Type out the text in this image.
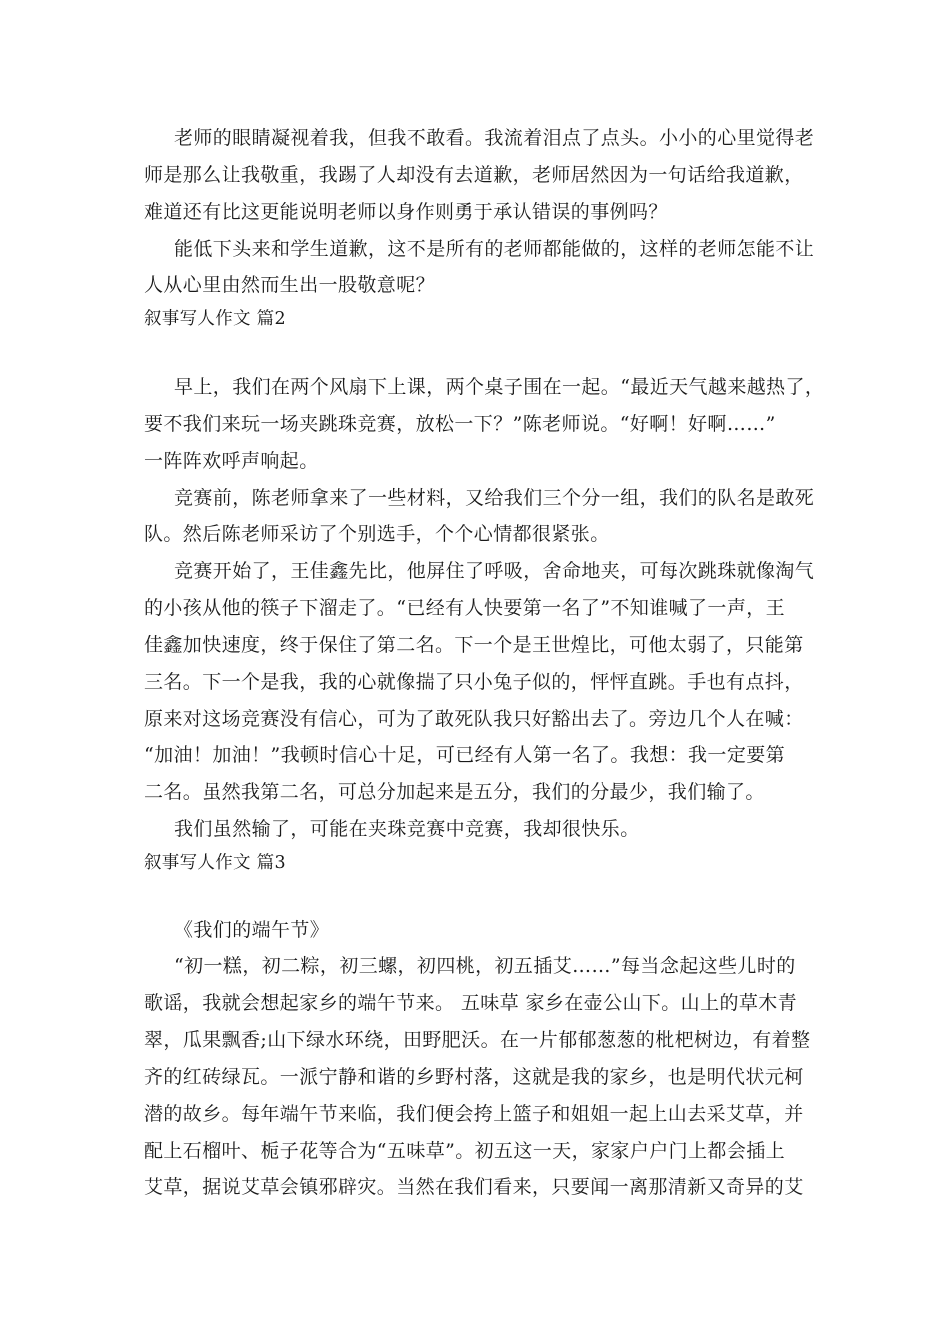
老师的眼睛凝视着我，但我不敢看。我流着泪点了点头。小小的心里觉得老
师是那么让我敬重，我踢了人却没有去道歉，老师居然因为一句话给我道歉，
难道还有比这更能说明老师以身作则勇于承认错误的事例吗？
能低下头来和学生道歉，这不是所有的老师都能做的，这样的老师怎能不让
人从心里由然而生出一股敬意呢？
叙事写人作文 篇2
早上，我们在两个风扇下上课，两个桌子围在一起。“最近天气越来越热了，
要不我们来玩一场夹跳珠竞赛，放松一下？”陈老师说。“好啊！好啊……”
一阵阵欢呼声响起。
竞赛前，陈老师拿来了一些材料，又给我们三个分一组，我们的队名是敢死
队。然后陈老师采访了个别选手，个个心情都很紧张。
竞赛开始了，王佳鑫先比，他屏住了呼吸，舍命地夹，可每次跳珠就像淘气
的小孩从他的筷子下溜走了。“已经有人快要第一名了”不知谁喊了一声，王
佳鑫加快速度，终于保住了第二名。下一个是王世煌比，可他太弱了，只能第
三名。下一个是我，我的心就像揣了只小兔子似的，怦怦直跳。手也有点抖，
原来对这场竞赛没有信心，可为了敢死队我只好豁出去了。旁边几个人在喊：
“加油！加油！”我顿时信心十足，可已经有人第一名了。我想：我一定要第
二名。虽然我第二名，可总分加起来是五分，我们的分最少，我们输了。
我们虽然输了，可能在夹珠竞赛中竞赛，我却很快乐。
叙事写人作文 篇3
《我们的端午节》
“初一糕，初二粽，初三螺，初四桃，初五插艾……”每当念起这些儿时的
歌谣，我就会想起家乡的端午节来。 五味草 家乡在壶公山下。山上的草木青
翠，瓜果飘香;山下绿水环绕，田野肥沃。在一片郁郁葱葱的枇杷树边，有着整
齐的红砖绿瓦。一派宁静和谐的乡野村落，这就是我的家乡，也是明代状元柯
潜的故乡。每年端午节来临，我们便会挎上篮子和姐姐一起上山去采艾草，并
配上石榴叶、栀子花等合为“五味草”。初五这一天，家家户户门上都会插上
艾草，据说艾草会镇邪辟灾。当然在我们看来，只要闻一离那清新又奇异的艾
